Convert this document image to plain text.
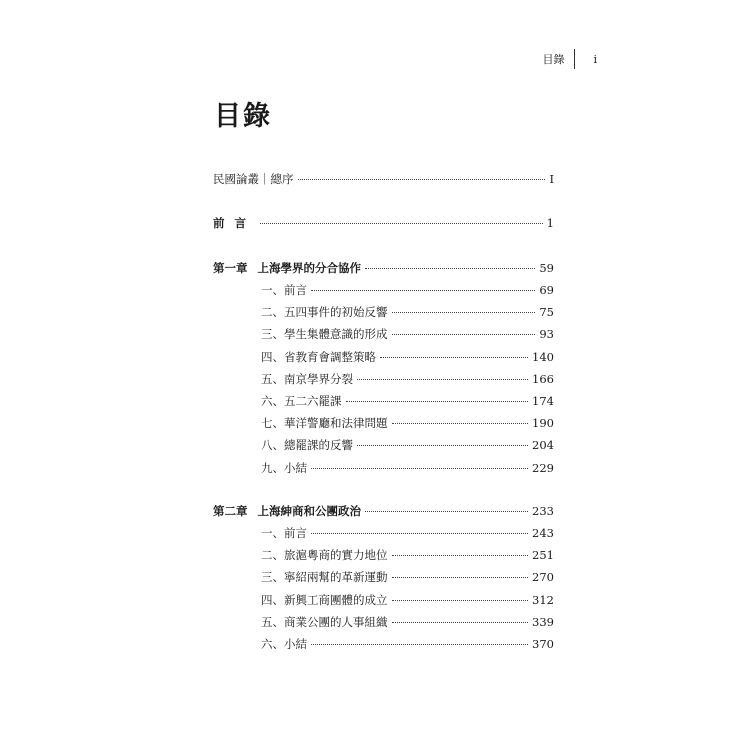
目錄	i
目錄
民國論叢｜總序	I
前言	1
第一章 上海學界的分合協作	59
一、前言	69
二、五四事件的初始反響	75
三、學生集體意識的形成	93
四、省教育會調整策略	140
五、南京學界分裂	166
六、五二六罷課	174
七、華洋警廳和法律問題	190
八、總罷課的反響	204
九、小結	229
第二章 上海紳商和公團政治	233
一、前言	243
二、旅滬粵商的實力地位	251
三、寧紹兩幫的革新運動	270
四、新興工商團體的成立	312
五、商業公團的人事組織	339
六、小結	370
